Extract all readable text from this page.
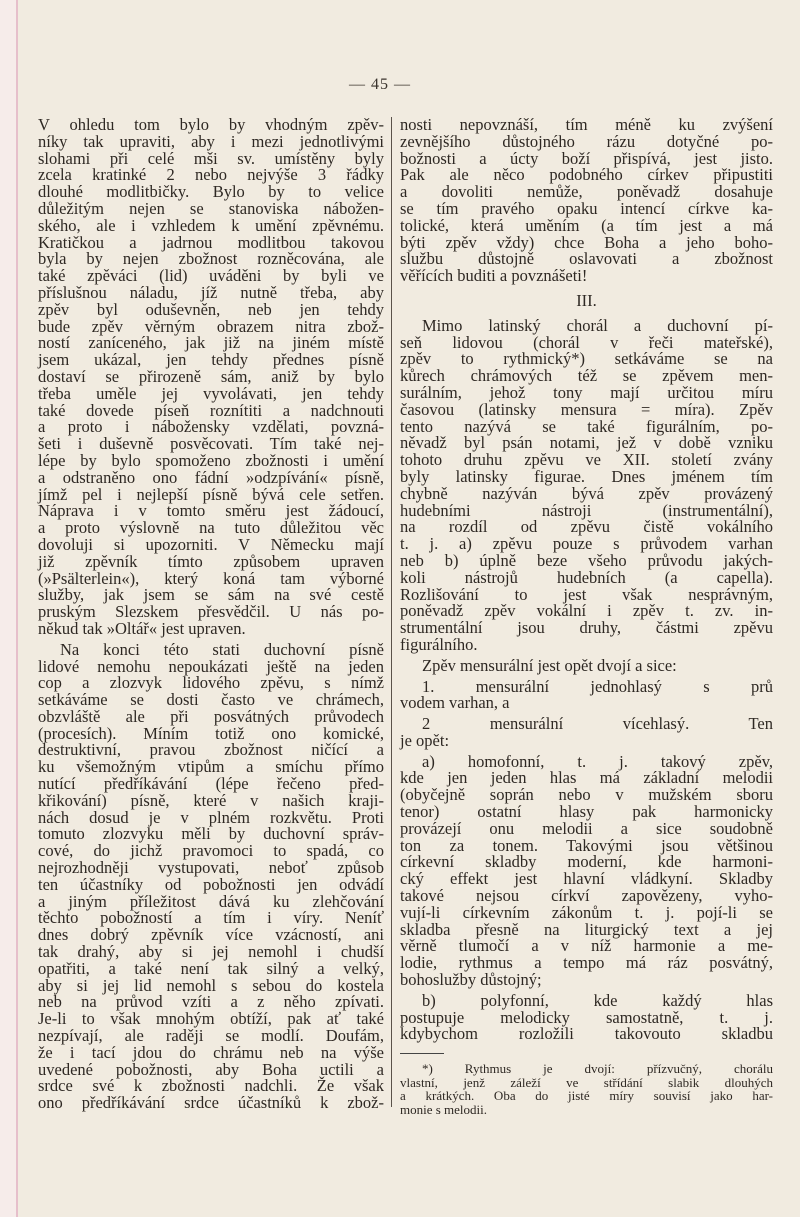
— 45 —
V ohledu tom bylo by vhodným zpěv-
níky tak upraviti, aby i mezi jednotlivými
slohami při celé mši sv. umístěny byly
zcela kratinké 2 nebo nejvýše 3 řádky
dlouhé modlitbičky. Bylo by to velice
důležitým nejen se stanoviska nábožen-
ského, ale i vzhledem k umění zpěvnému.
Kratičkou a jadrnou modlitbou takovou
byla by nejen zbožnost rozněcována, ale
také zpěváci (lid) uváděni by byli ve
příslušnou náladu, jíž nutně třeba, aby
zpěv byl oduševněn, neb jen tehdy
bude zpěv věrným obrazem nitra zbož-
ností zaníceného, jak již na jiném místě
jsem ukázal, jen tehdy přednes písně
dostaví se přirozeně sám, aniž by bylo
třeba uměle jej vyvolávati, jen tehdy
také dovede píseň roznítiti a nadchnouti
a proto i nábožensky vzdělati, povzná-
šeti i duševně posvěcovati. Tím také nej-
lépe by bylo spomoženo zbožnosti i umění
a odstraněno ono fádní »odzpívání« písně,
jímž pel i nejlepší písně bývá cele setřen.
Náprava i v tomto směru jest žádoucí,
a proto výslovně na tuto důležitou věc
dovoluji si upozorniti. V Německu mají
již zpěvník tímto způsobem upraven
(»Psälterlein«), který koná tam výborné
služby, jak jsem se sám na své cestě
pruským Slezskem přesvědčil. U nás po-
někud tak »Oltář« jest upraven.
Na konci této stati duchovní písně
lidové nemohu nepoukázati ještě na jeden
cop a zlozvyk lidového zpěvu, s nímž
setkáváme se dosti často ve chrámech,
obzvláště ale při posvátných průvodech
(procesích). Míním totiž ono komické,
destruktivní, pravou zbožnost ničící a
ku všemožným vtipům a smíchu přímo
nutící předříkávání (lépe řečeno před-
křikování) písně, které v našich kraji-
nách dosud je v plném rozkvětu. Proti
tomuto zlozvyku měli by duchovní správ-
cové, do jichž pravomoci to spadá, co
nejrozhodněji vystupovati, neboť způsob
ten účastníky od pobožnosti jen odvádí
a jiným příležitost dává ku zlehčování
těchto pobožností a tím i víry. Neníť
dnes dobrý zpěvník více vzácností, ani
tak drahý, aby si jej nemohl i chudší
opatřiti, a také není tak silný a velký,
aby si jej lid nemohl s sebou do kostela
neb na průvod vzíti a z něho zpívati.
Je-li to však mnohým obtíží, pak ať také
nezpívají, ale raději se modlí. Doufám,
že i tací jdou do chrámu neb na výše
uvedené pobožnosti, aby Boha uctili a
srdce své k zbožnosti nadchli. Že však
ono předříkávání srdce účastníků k zbož-
nosti nepovznáší, tím méně ku zvýšení
zevnějšího důstojného rázu dotyčné po-
božnosti a úcty boží přispívá, jest jisto.
Pak ale něco podobného církev připustiti
a dovoliti nemůže, poněvadž dosahuje
se tím pravého opaku intencí církve ka-
tolické, která uměním (a tím jest a má
býti zpěv vždy) chce Boha a jeho boho-
službu důstojně oslavovati a zbožnost
věřících buditi a povznášeti!
III.
Mimo latinský chorál a duchovní pí-
seň lidovou (chorál v řeči mateřské),
zpěv to rythmický*) setkáváme se na
kůrech chrámových též se zpěvem men-
surálním, jehož tony mají určitou míru
časovou (latinsky mensura = míra). Zpěv
tento nazývá se také figurálním, po-
něvadž byl psán notami, jež v době vzniku
tohoto druhu zpěvu ve XII. století zvány
byly latinsky figurae. Dnes jménem tím
chybně nazýván bývá zpěv provázený
hudebními nástroji (instrumentální),
na rozdíl od zpěvu čistě vokálního
t. j. a) zpěvu pouze s průvodem varhan
neb b) úplně beze všeho průvodu jakých-
koli nástrojů hudebních (a capella).
Rozlišování to jest však nesprávným,
poněvadž zpěv vokální i zpěv t. zv. in-
strumentální jsou druhy, částmi zpěvu
figurálního.
Zpěv mensurální jest opět dvojí a sice:
1. mensurální jednohlasý s prů
vodem varhan, a
2 mensurální vícehlasý. Ten
je opět:
a) homofonní, t. j. takový zpěv,
kde jen jeden hlas má základní melodii
(obyčejně soprán nebo v mužském sboru
tenor) ostatní hlasy pak harmonicky
provázejí onu melodii a sice soudobně
ton za tonem. Takovými jsou většinou
církevní skladby moderní, kde harmoni-
cký effekt jest hlavní vládkyní. Skladby
takové nejsou církví zapovězeny, vyho-
vují-li církevním zákonům t. j. pojí-li se
skladba přesně na liturgický text a jej
věrně tlumočí a v níž harmonie a me-
lodie, rythmus a tempo má ráz posvátný,
bohoslužby důstojný;
b) polyfonní, kde každý hlas
postupuje melodicky samostatně, t. j.
kdybychom rozložili takovouto skladbu
*) Rythmus je dvojí: přízvučný, chorálu
vlastní, jenž záleží ve střídání slabik dlouhých
a krátkých. Oba do jisté míry souvisí jako har-
monie s melodii.
